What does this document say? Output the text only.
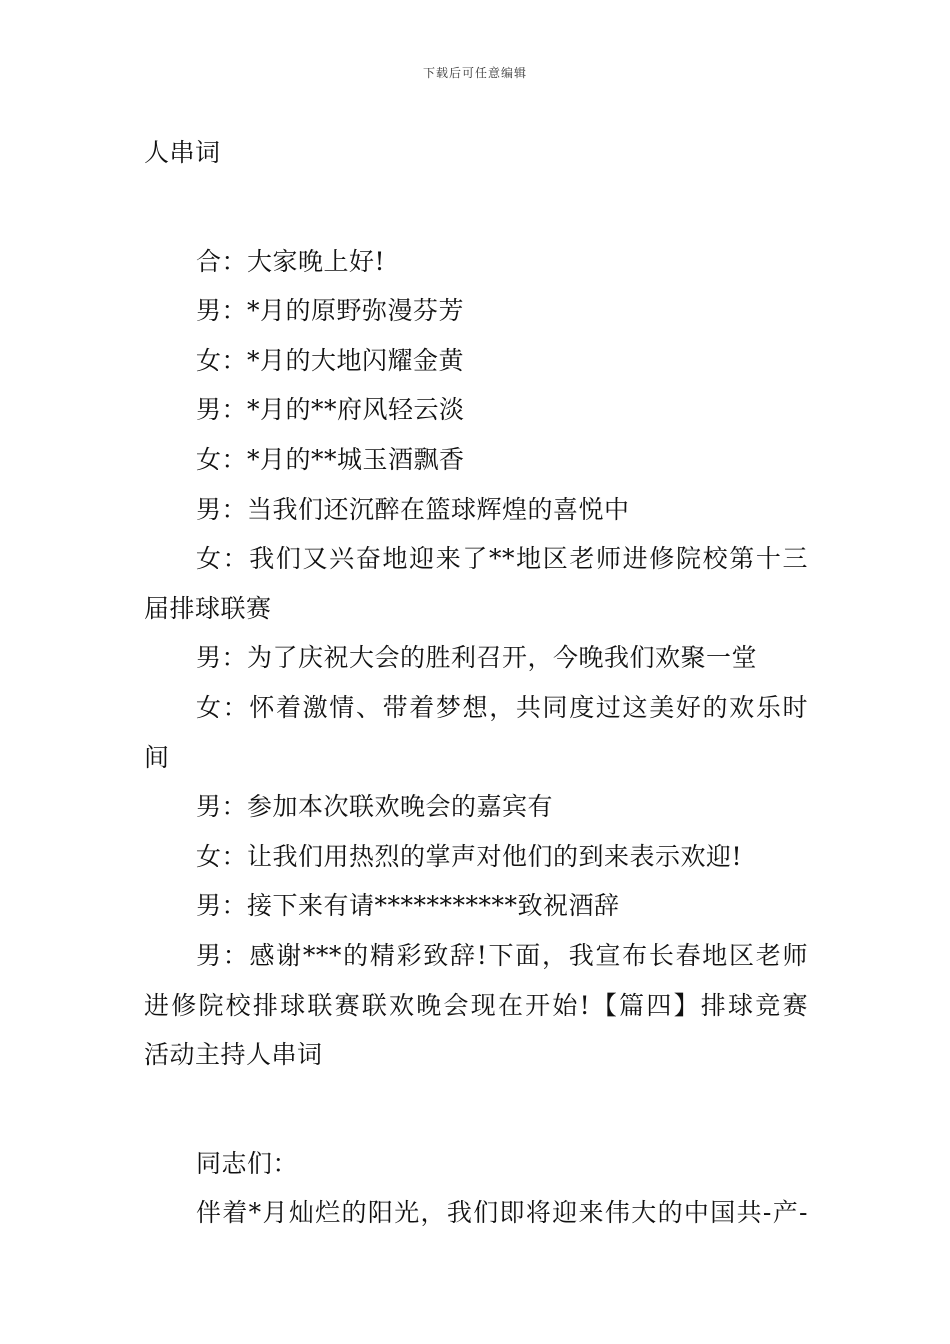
下载后可任意编辑
人串词
合：大家晚上好!
男：*月的原野弥漫芬芳
女：*月的大地闪耀金黄
男：*月的**府风轻云淡
女：*月的**城玉酒飘香
男：当我们还沉醉在篮球辉煌的喜悦中
女：我们又兴奋地迎来了**地区老师进修院校第十三
届排球联赛
男：为了庆祝大会的胜利召开，今晚我们欢聚一堂
女：怀着激情、带着梦想，共同度过这美好的欢乐时
间
男：参加本次联欢晚会的嘉宾有
女：让我们用热烈的掌声对他们的到来表示欢迎!
男：接下来有请***********致祝酒辞
男：感谢***的精彩致辞!下面，我宣布长春地区老师
进修院校排球联赛联欢晚会现在开始!【篇四】排球竞赛
活动主持人串词
同志们：
伴着*月灿烂的阳光，我们即将迎来伟大的中国共-产-
